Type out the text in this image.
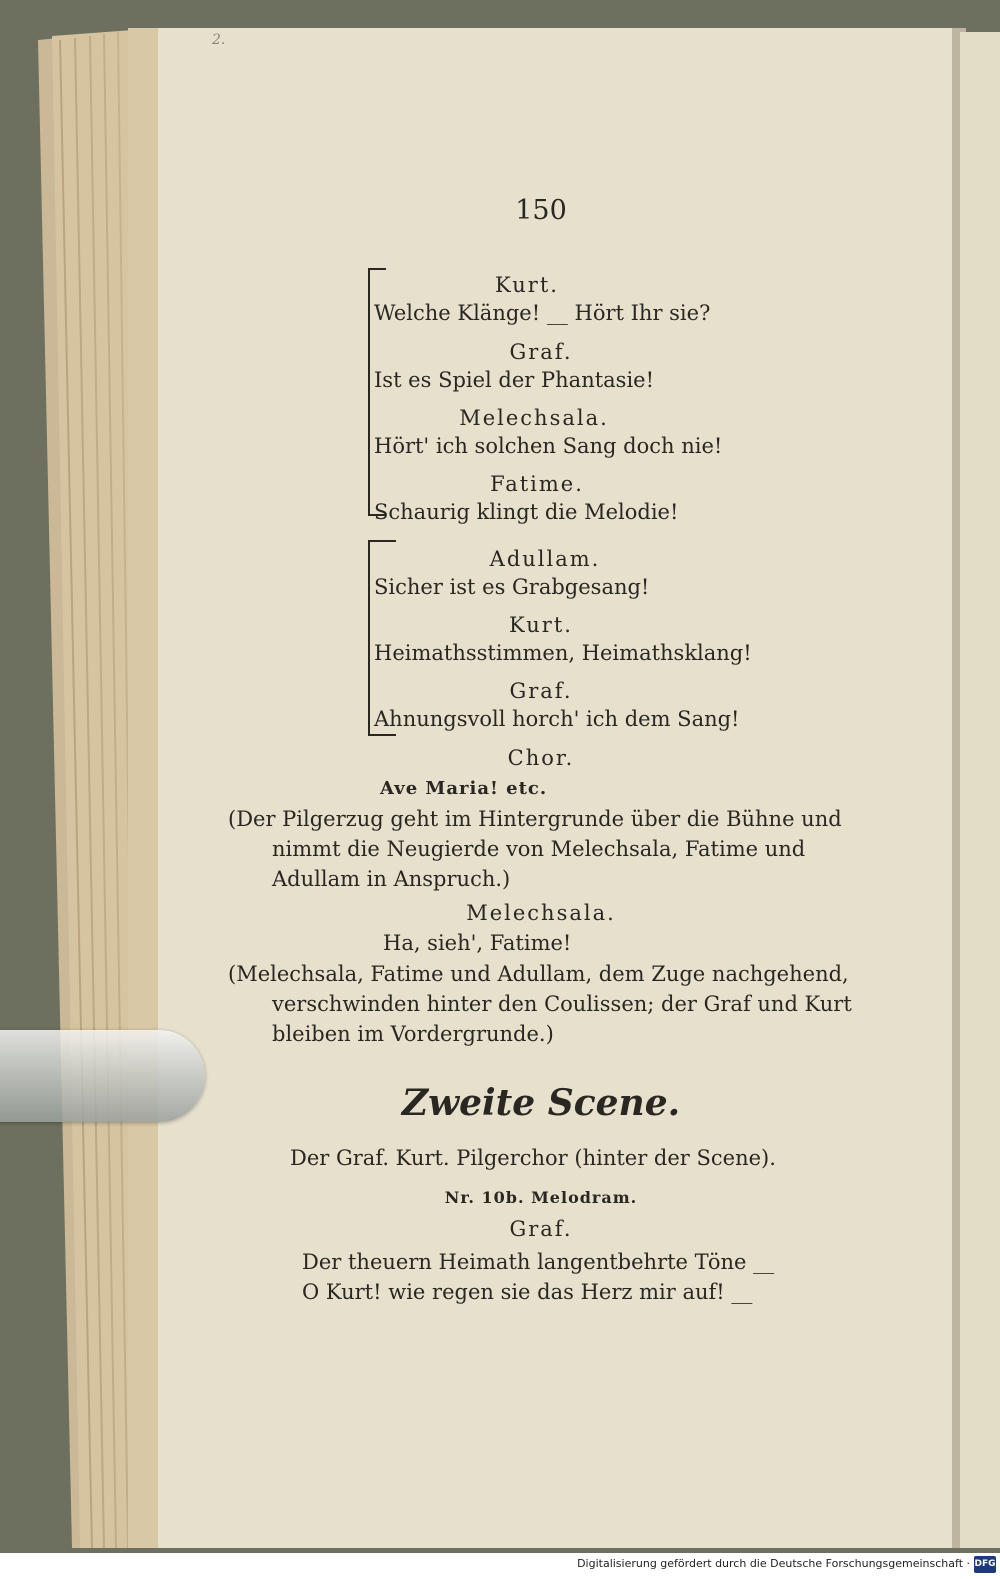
2.
150
Kurt.
Welche Klänge! __ Hört Ihr sie?
Graf.
Ist es Spiel der Phantasie!
Melechsala.
Hört' ich solchen Sang doch nie!
Fatime.
Schaurig klingt die Melodie!
Adullam.
Sicher ist es Grabgesang!
Kurt.
Heimathsstimmen, Heimathsklang!
Graf.
Ahnungsvoll horch' ich dem Sang!
Chor.
Ave Maria! etc.
(Der Pilgerzug geht im Hintergrunde über die Bühne und
nimmt die Neugierde von Melechsala, Fatime und
Adullam in Anspruch.)
Melechsala.
Ha, sieh', Fatime!
(Melechsala, Fatime und Adullam, dem Zuge nachgehend,
verschwinden hinter den Coulissen; der Graf und Kurt
bleiben im Vordergrunde.)
Zweite Scene.
Der Graf. Kurt. Pilgerchor (hinter der Scene).
Nr. 10b. Melodram.
Graf.
Der theuern Heimath langentbehrte Töne __
O Kurt! wie regen sie das Herz mir auf! __
Digitalisierung gefördert durch die Deutsche Forschungsgemeinschaft · DFG
